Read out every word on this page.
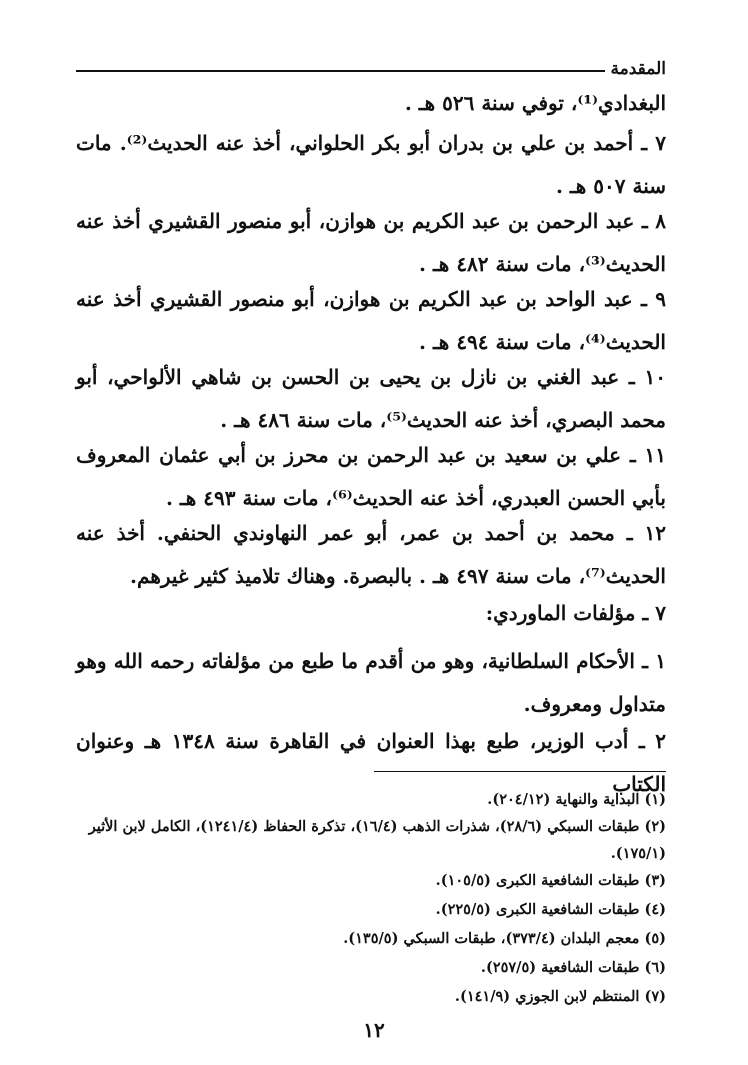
المقدمة
البغدادي⁽¹⁾، توفي سنة ٥٢٦ هـ .
٧ ـ أحمد بن علي بن بدران أبو بكر الحلواني، أخذ عنه الحديث⁽²⁾. مات سنة ٥٠٧ هـ .
٨ ـ عبد الرحمن بن عبد الكريم بن هوازن، أبو منصور القشيري أخذ عنه الحديث⁽³⁾، مات سنة ٤٨٢ هـ .
٩ ـ عبد الواحد بن عبد الكريم بن هوازن، أبو منصور القشيري أخذ عنه الحديث⁽⁴⁾، مات سنة ٤٩٤ هـ .
١٠ ـ عبد الغني بن نازل بن يحيى بن الحسن بن شاهي الألواحي، أبو محمد البصري، أخذ عنه الحديث⁽⁵⁾، مات سنة ٤٨٦ هـ .
١١ ـ علي بن سعيد بن عبد الرحمن بن محرز بن أبي عثمان المعروف بأبي الحسن العبدري، أخذ عنه الحديث⁽⁶⁾، مات سنة ٤٩٣ هـ .
١٢ ـ محمد بن أحمد بن عمر، أبو عمر النهاوندي الحنفي. أخذ عنه الحديث⁽⁷⁾، مات سنة ٤٩٧ هـ . بالبصرة. وهناك تلاميذ كثير غيرهم.
٧ ـ مؤلفات الماوردي:
١ ـ الأحكام السلطانية، وهو من أقدم ما طبع من مؤلفاته رحمه الله وهو متداول ومعروف.
٢ ـ أدب الوزير، طبع بهذا العنوان في القاهرة سنة ١٣٤٨ هـ وعنوان الكتاب
(١) البداية والنهاية (٢٠٤/١٢).
(٢) طبقات السبكي (٢٨/٦)، شذرات الذهب (١٦/٤)، تذكرة الحفاظ (١٢٤١/٤)، الكامل لابن الأثير (١٧٥/١).
(٣) طبقات الشافعية الكبرى (١٠٥/٥).
(٤) طبقات الشافعية الكبرى (٢٢٥/٥).
(٥) معجم البلدان (٣٧٣/٤)، طبقات السبكي (١٣٥/٥).
(٦) طبقات الشافعية (٢٥٧/٥).
(٧) المنتظم لابن الجوزي (١٤١/٩).
١٢
